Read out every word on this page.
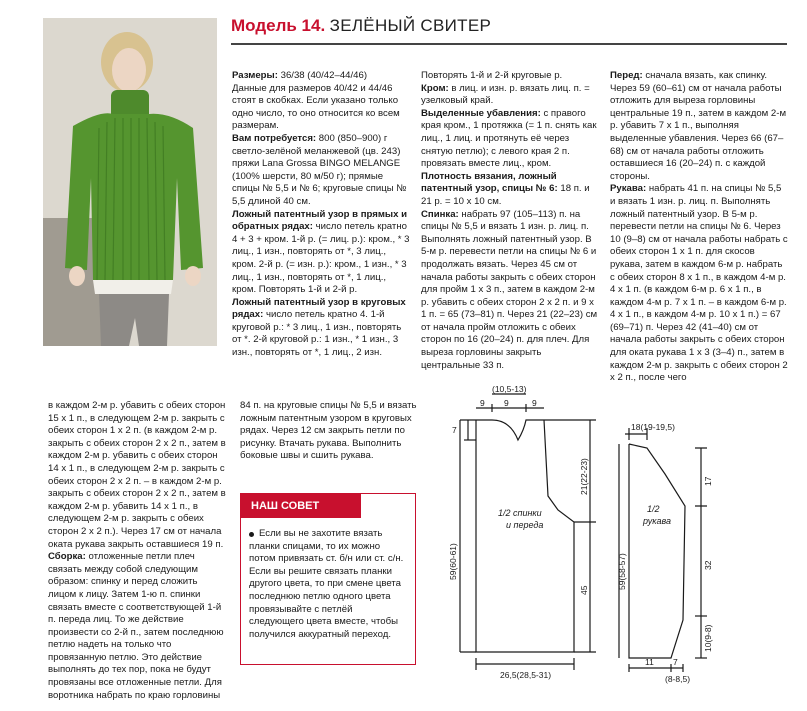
Модель 14. ЗЕЛЁНЫЙ СВИТЕР

Размеры: 36/38 (40/42–44/46)

Данные для размеров 40/42 и 44/46 стоят в скобках. Если указано только одно число, то оно относится ко всем размерам.

Вам потребуется: 800 (850–900) г светло-зелёной меланжевой (цв. 243) пряжи Lana Grossa BINGO MELANGE (100% шерсти, 80 м/50 г); прямые спицы № 5,5 и № 6; круговые спицы № 5,5 длиной 40 см.

Ложный патентный узор в прямых и обратных рядах: число петель кратно 4 + 3 + кром. 1-й р. (= лиц. р.): кром., * 3 лиц., 1 изн., повторять от *, 3 лиц., кром. 2-й р. (= изн. р.): кром., 1 изн., * 3 лиц., 1 изн., повторять от *, 1 лиц., кром. Повторять 1-й и 2-й р.

Ложный патентный узор в круговых рядах: число петель кратно 4. 1-й круговой р.: * 3 лиц., 1 изн., повторять от *. 2-й круговой р.: 1 изн., * 1 изн., 3 изн., повторять от *, 1 лиц., 2 изн.

Повторять 1-й и 2-й круговые р.

Кром: в лиц. и изн. р. вязать лиц. п. = узелковый край.

Выделенные убавления: с правого края кром., 1 протяжка (= 1 п. снять как лиц., 1 лиц. и протянуть её через снятую петлю); с левого края 2 п. провязать вместе лиц., кром.

Плотность вязания, ложный патентный узор, спицы № 6: 18 п. и 21 р. = 10 х 10 см.

Спинка: набрать 97 (105–113) п. на спицы № 5,5 и вязать 1 изн. р. лиц. п. Выполнять ложный патентный узор. В 5-м р. перевести петли на спицы № 6 и продолжать вязать. Через 45 см от начала работы закрыть с обеих сторон для пройм 1 х 3 п., затем в каждом 2-м р. убавить с обеих сторон 2 х 2 п. и 9 х 1 п. = 65 (73–81) п. Через 21 (22–23) см от начала пройм отложить с обеих сторон по 16 (20–24) п. для плеч. Для выреза горловины закрыть центральные 33 п.

Перед: сначала вязать, как спинку. Через 59 (60–61) см от начала работы отложить для выреза горловины центральные 19 п., затем в каждом 2-м р. убавить 7 х 1 п., выполняя выделенные убавления. Через 66 (67–68) см от начала работы отложить оставшиеся 16 (20–24) п. с каждой стороны.

Рукава: набрать 41 п. на спицы № 5,5 и вязать 1 изн. р. лиц. п. Выполнять ложный патентный узор. В 5-м р. перевести петли на спицы № 6. Через 10 (9–8) см от начала работы набрать с обеих сторон 1 х 1 п. для скосов рукава, затем в каждом 6-м р. набрать с обеих сторон 8 х 1 п., в каждом 4-м р. 4 х 1 п. (в каждом 6-м р. 6 х 1 п., в каждом 4-м р. 7 х 1 п. – в каждом 6-м р. 4 х 1 п., в каждом 4-м р. 10 х 1 п.) = 67 (69–71) п. Через 42 (41–40) см от начала работы закрыть с обеих сторон для оката рукава 1 х 3 (3–4) п., затем в каждом 2-м р. закрыть с обеих сторон 2 х 2 п., после чего

в каждом 2-м р. убавить с обеих сторон 15 х 1 п., в следующем 2-м р. закрыть с обеих сторон 1 х 2 п. (в каждом 2-м р. закрыть с обеих сторон 2 х 2 п., затем в каждом 2-м р. убавить с обеих сторон 14 х 1 п., в следующем 2-м р. закрыть с обеих сторон 2 х 2 п. – в каждом 2-м р. закрыть с обеих сторон 2 х 2 п., затем в каждом 2-м р. убавить 14 х 1 п., в следующем 2-м р. закрыть с обеих сторон 2 х 2 п.). Через 17 см от начала оката рукава закрыть оставшиеся 19 п.

Сборка: отложенные петли плеч связать между собой следующим образом: спинку и перед сложить лицом к лицу. Затем 1-ю п. спинки связать вместе с соответствующей 1-й п. переда лиц. То же действие произвести со 2-й п., затем последнюю петлю надеть на только что провязанную петлю. Это действие выполнять до тех пор, пока не будут провязаны все отложенные петли. Для воротника набрать по краю горловины

84 п. на круговые спицы № 5,5 и вязать ложным патентным узором в круговых рядах. Через 12 см закрыть петли по рисунку. Втачать рукава. Выполнить боковые швы и сшить рукава.

НАШ СОВЕТ
Если вы не захотите вязать планки спицами, то их можно потом привязать ст. б/н или ст. с/н. Если вы решите связать планки другого цвета, то при смене цвета последнюю петлю одного цвета провязывайте с петлёй следующего цвета вместе, чтобы получился аккуратный переход.
(10,5-13)
9 9	9
7
21(22-23)
59(60-61)
45
26,5(28,5-31)
1/2 спинки
и переда
18(19-19,5)
17
59(58-57)	32
10(9-8)
11 7
(8-8,5)
1/2
рукава
